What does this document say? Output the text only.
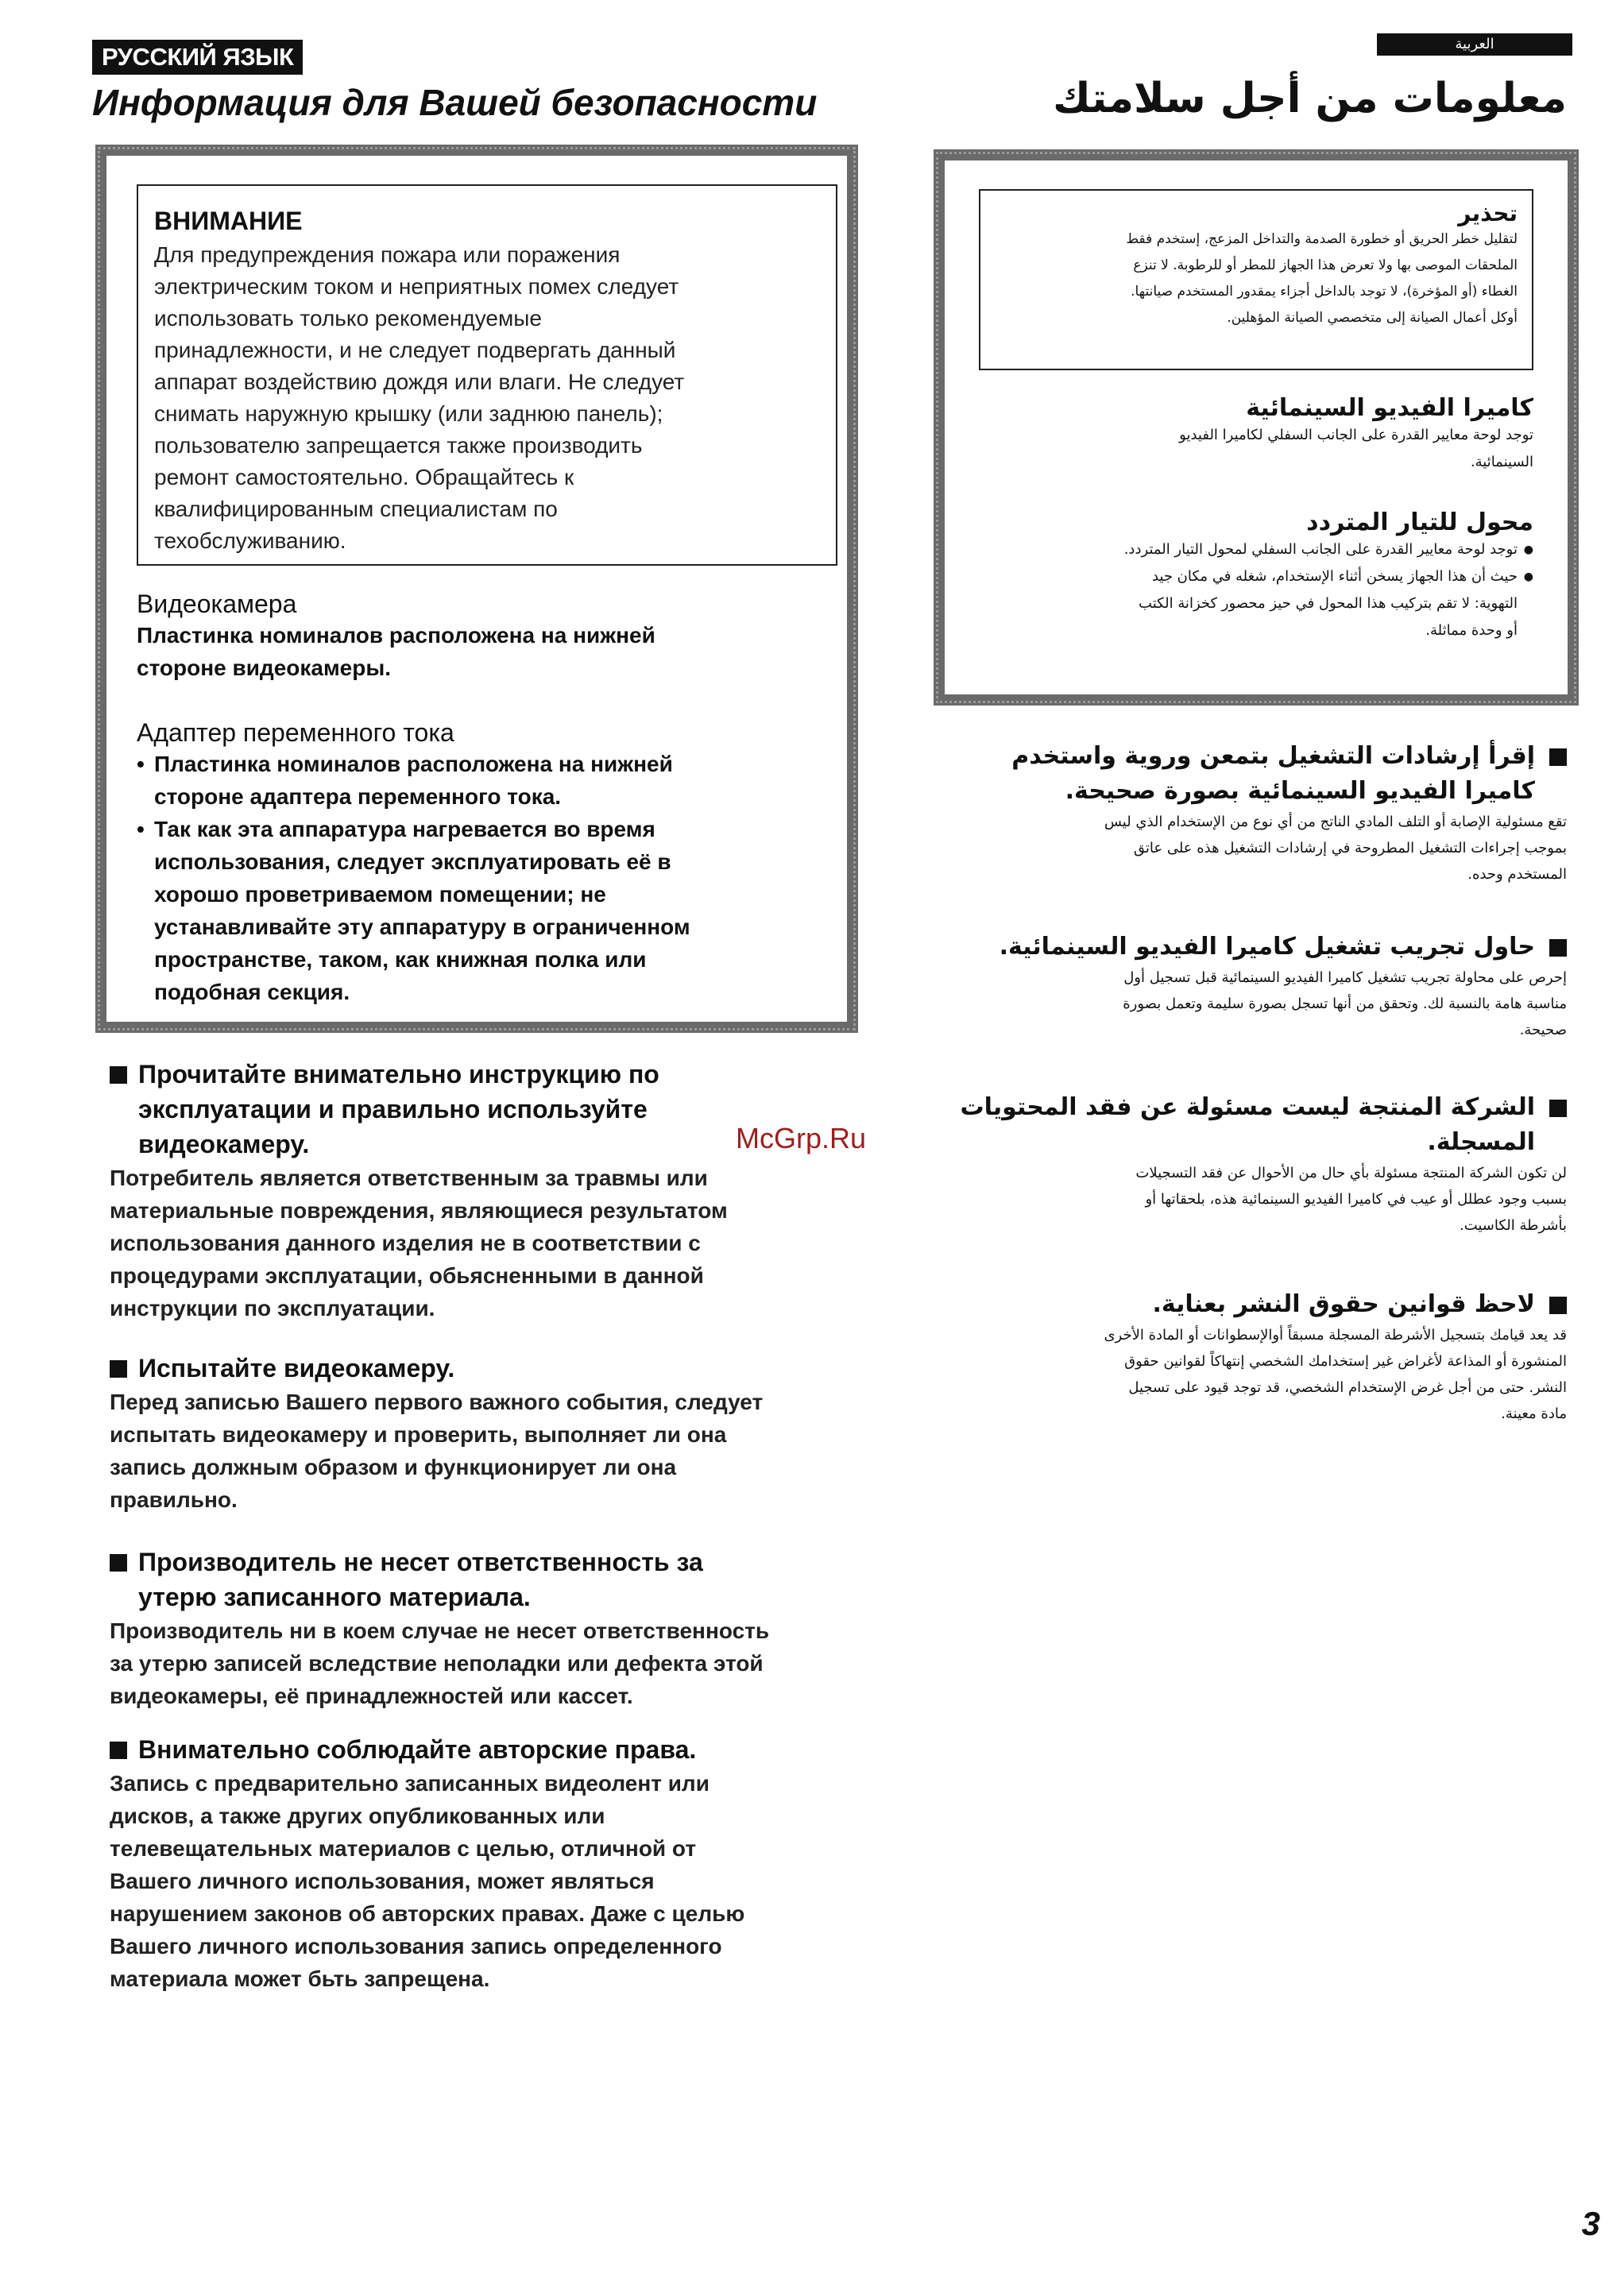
РУССКИЙ ЯЗЫК	العربية
Информация для Вашей безопасности	معلومات من أجل سلامتك
ВНИМАНИЕ
Для предупреждения пожара или поражения
электрическим током и неприятных помех следует
использовать только рекомендуемые
принадлежности, и не следует подвергать данный
аппарат воздействию дождя или влаги. Не следует
снимать наружную крышку (или заднюю панель);
пользователю запрещается также производить
ремонт самостоятельно. Обращайтесь к
квалифицированным специалистам по
техобслуживанию.
Видеокамера
Пластинка номиналов расположена на нижней
стороне видеокамеры.
Адаптер переменного тока
• Пластинка номиналов расположена на нижней
стороне адаптера переменного тока.
• Так как эта аппаратура нагревается во время
использования, следует эксплуатировать её в
хорошо проветриваемом помещении; не
устанавливайте эту аппаратуру в ограниченном
пространстве, таком, как книжная полка или
подобная секция.
Прочитайте внимательно инструкцию по
эксплуатации и правильно используйте
видеокамеру.
Потребитель является ответственным за травмы или
материальные повреждения, являющиеся результатом
использования данного изделия не в соответствии с
процедурами эксплуатации, обьясненными в данной
инструкции по эксплуатации.
Испытайте видеокамеру.
Перед записью Вашего первого важного события, следует
испытать видеокамеру и проверить, выполняет ли она
запись должным образом и функционирует ли она
правильно.
Производитель не несет ответственность за
утерю записанного материала.
Производитель ни в коем случае не несет ответственность
за утерю записей вследствие неполадки или дефекта этой
видеокамеры, её принадлежностей или кассет.
Внимательно соблюдайте авторские права.
Запись с предварительно записанных видеолент или
дисков, а также других опубликованных или
телевещательных материалов с целью, отличной от
Вашего личного использования, может являться
нарушением законов об авторских правах. Даже с целью
Вашего личного использования запись определенного
материала может бьть запрещена.
تحذير
لتقليل خطر الحريق أو خطورة الصدمة والتداخل المزعج، إستخدم فقط
الملحقات الموصى بها ولا تعرض هذا الجهاز للمطر أو للرطوبة. لا تنزع
الغطاء (أو المؤخرة)، لا توجد بالداخل أجزاء يمقدور المستخدم صيانتها.
أوكل أعمال الصيانة إلى متخصصي الصيانة المؤهلين.
كاميرا الفيديو السينمائية
توجد لوحة معايير القدرة على الجانب السفلي لكاميرا الفيديو
السينمائية.
محول للتيار المتردد
● توجد لوحة معايير القدرة على الجانب السفلي لمحول التيار المتردد.
● حيث أن هذا الجهاز يسخن أثناء الإستخدام، شغله في مكان جيد
التهوية: لا تقم بتركيب هذا المحول في حيز محصور كخزانة الكتب
أو وحدة مماثلة.
إقرأ إرشادات التشغيل بتمعن وروية واستخدم
كاميرا الفيديو السينمائية بصورة صحيحة.
تقع مسئولية الإصابة أو التلف المادي الناتج من أي نوع من الإستخدام الذي ليس
بموجب إجراءات التشغيل المطروحة في إرشادات التشغيل هذه على عاتق
المستخدم وحده.
حاول تجريب تشغيل كاميرا الفيديو السينمائية.
إحرص على محاولة تجريب تشغيل كاميرا الفيديو السينمائية قبل تسجيل أول
مناسبة هامة بالنسبة لك. وتحقق من أنها تسجل بصورة سليمة وتعمل بصورة
صحيحة.
الشركة المنتجة ليست مسئولة عن فقد المحتويات
المسجلة.
لن تكون الشركة المنتجة مسئولة بأي حال من الأحوال عن فقد التسجيلات
بسبب وجود عطلل أو عيب في كاميرا الفيديو السينمائية هذه، بلحقاتها أو
بأشرطة الكاسيت.
لاحظ قوانين حقوق النشر بعناية.
قد يعد قيامك بتسجيل الأشرطة المسجلة مسبقاً أوالإسطوانات أو المادة الأخرى
المنشورة أو المذاعة لأغراض غير إستخدامك الشخصي إنتهاكاً لقوانين حقوق
النشر. حتى من أجل غرض الإستخدام الشخصي، قد توجد قيود على تسجيل
مادة معينة.
McGrp.Ru
3
